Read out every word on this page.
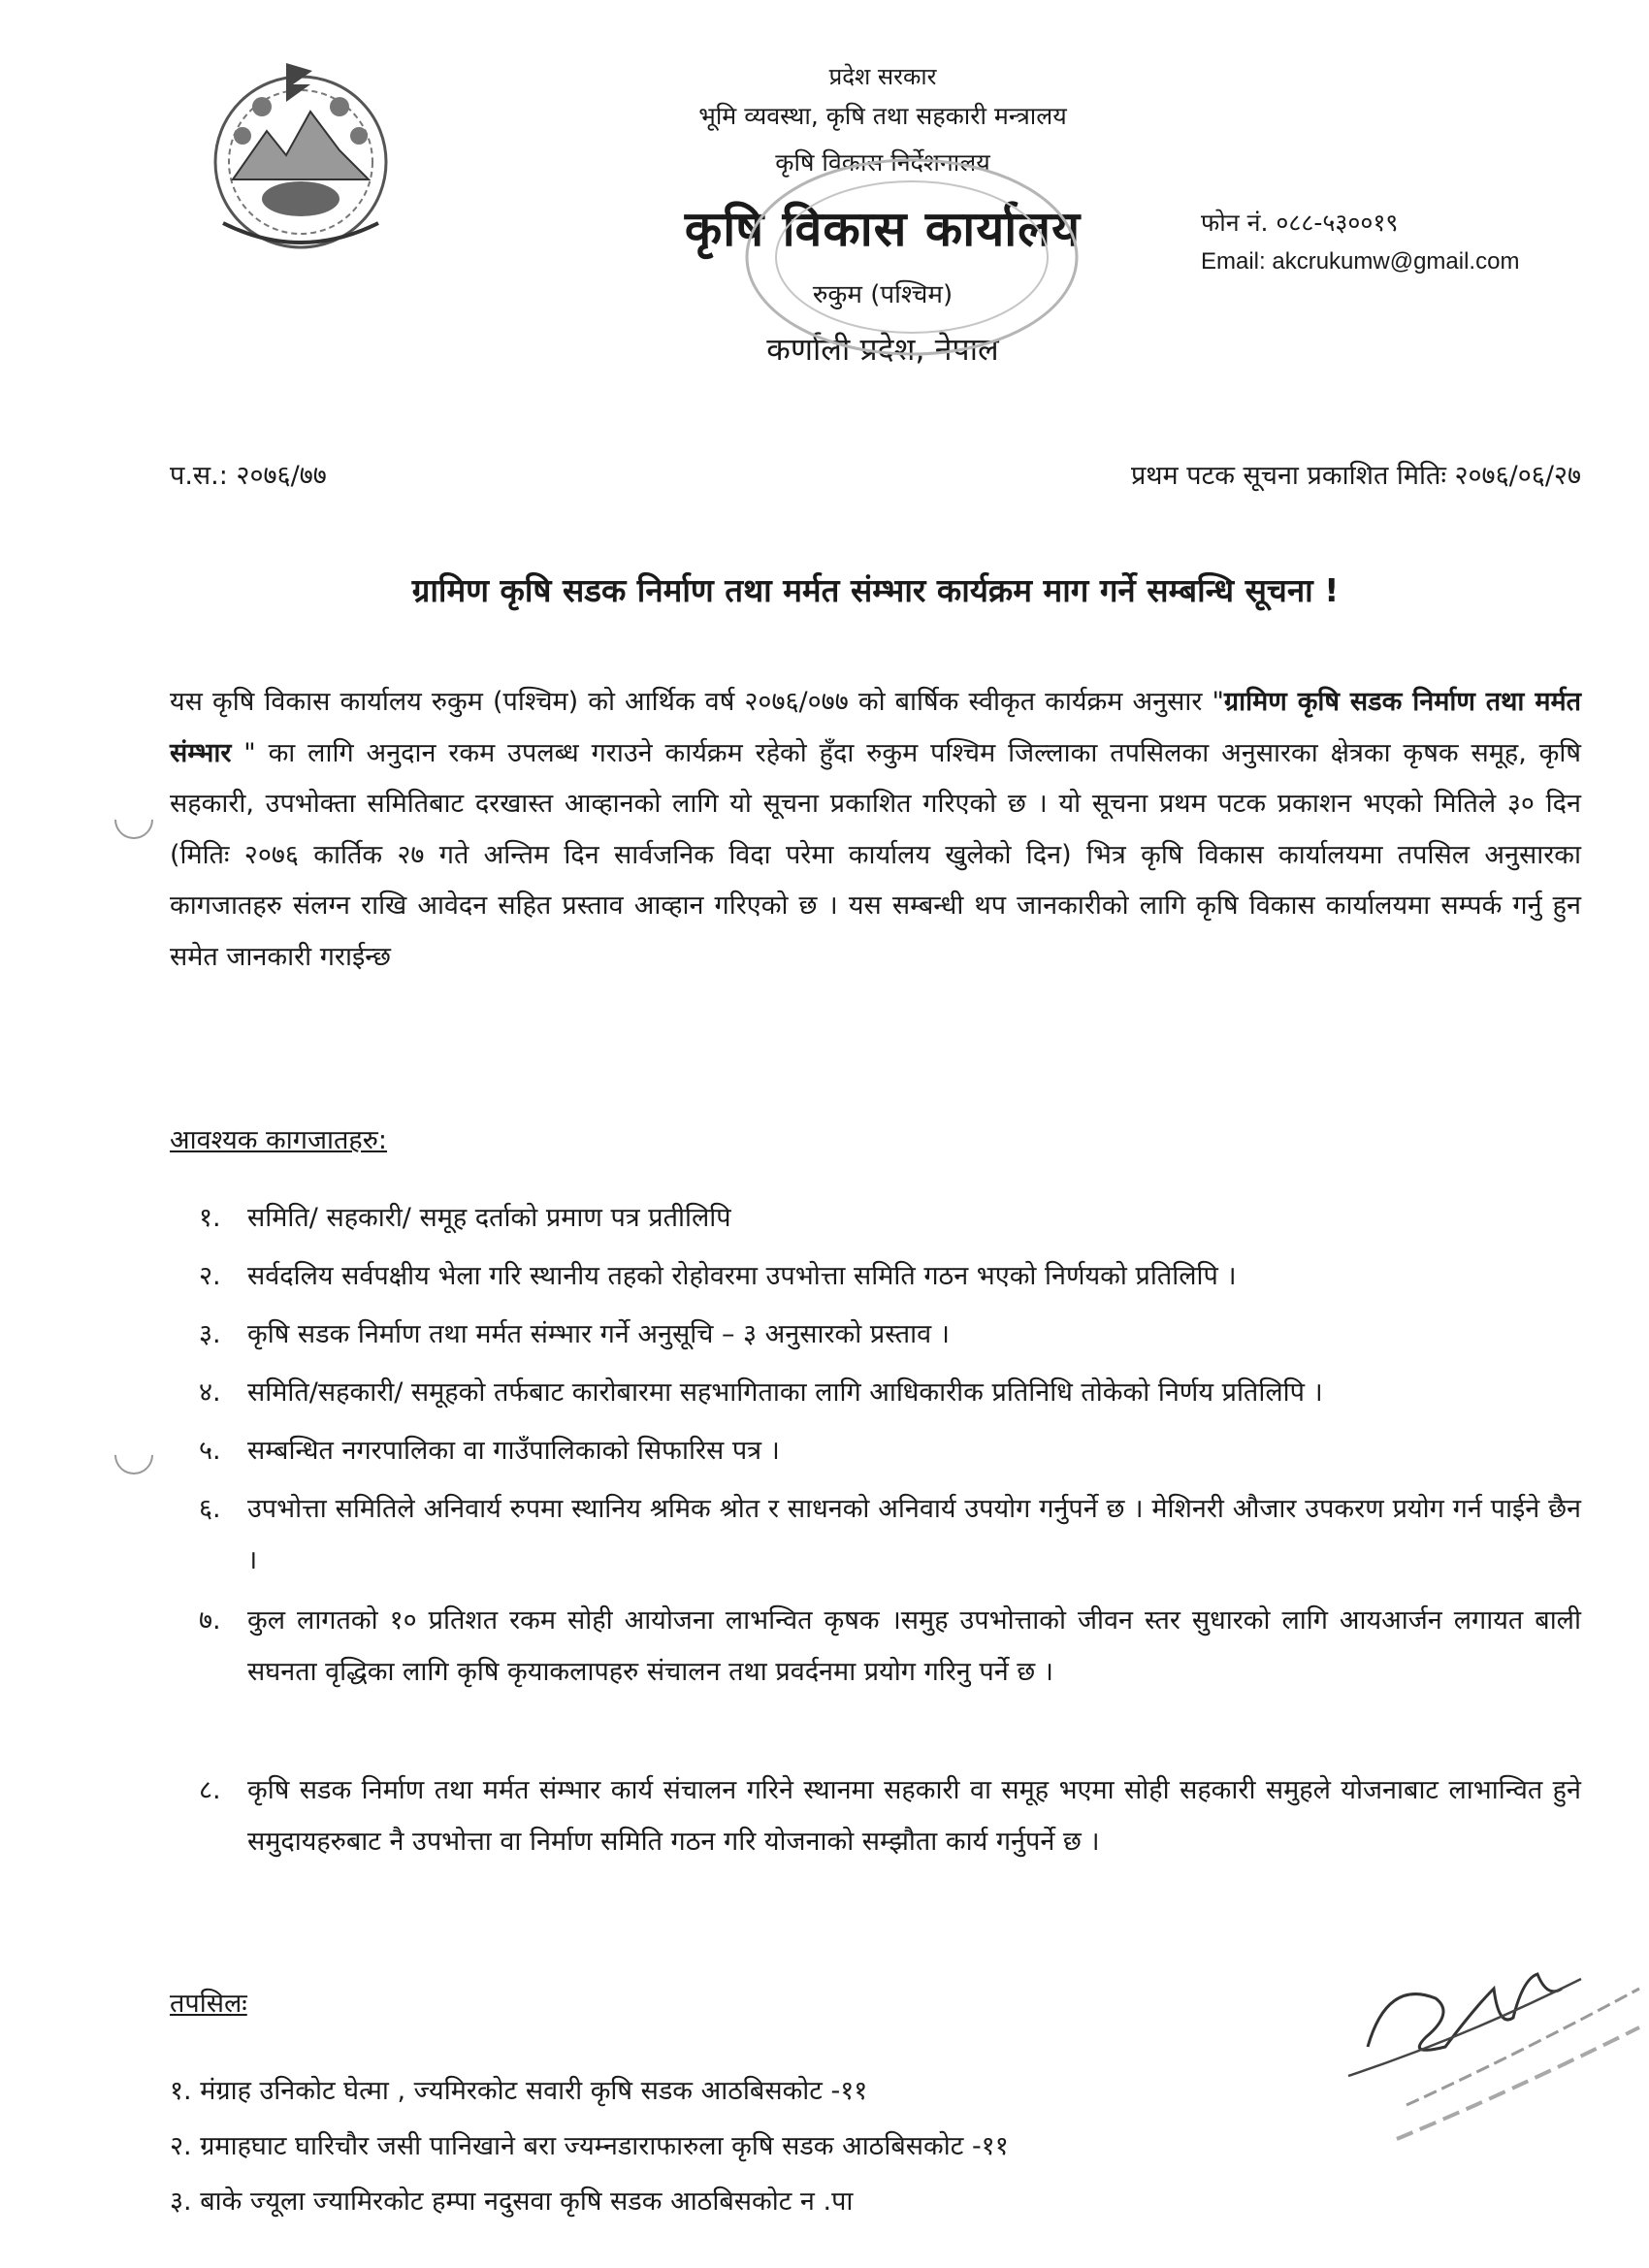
प्रदेश सरकार
भूमि व्यवस्था, कृषि तथा सहकारी मन्त्रालय
कृषि विकास निर्देशनालय
कृषि विकास कार्यालय
रुकुम (पश्चिम)
कर्णाली प्रदेश, नेपाल
फोन नं. ०८८-५३००१९
Email: akcrukumw@gmail.com
प.स.: २०७६/७७	प्रथम पटक सूचना प्रकाशित मितिः २०७६/०६/२७
ग्रामिण कृषि सडक निर्माण तथा मर्मत संम्भार कार्यक्रम माग गर्ने सम्बन्धि सूचना !
यस कृषि विकास कार्यालय रुकुम (पश्चिम) को आर्थिक वर्ष २०७६/०७७ को बार्षिक स्वीकृत कार्यक्रम अनुसार "ग्रामिण कृषि सडक निर्माण तथा मर्मत संम्भार " का लागि अनुदान रकम उपलब्ध गराउने कार्यक्रम रहेको हुँदा रुकुम पश्चिम जिल्लाका तपसिलका अनुसारका क्षेत्रका कृषक समूह, कृषि सहकारी, उपभोक्ता समितिबाट दरखास्त आव्हानको लागि यो सूचना प्रकाशित गरिएको छ । यो सूचना प्रथम पटक प्रकाशन भएको मितिले ३० दिन (मितिः २०७६ कार्तिक २७ गते अन्तिम दिन सार्वजनिक विदा परेमा कार्यालय खुलेको दिन) भित्र कृषि विकास कार्यालयमा तपसिल अनुसारका कागजातहरु संलग्न राखि आवेदन सहित प्रस्ताव आव्हान गरिएको छ । यस सम्बन्धी थप जानकारीको लागि कृषि विकास कार्यालयमा सम्पर्क गर्नु हुन समेत जानकारी गराईन्छ
आवश्यक कागजातहरु:
१.	समिति/ सहकारी/ समूह दर्ताको प्रमाण पत्र प्रतीलिपि
२.	सर्वदलिय सर्वपक्षीय भेला गरि स्थानीय तहको रोहोवरमा उपभोत्ता समिति गठन भएको निर्णयको प्रतिलिपि ।
३.	कृषि सडक निर्माण तथा मर्मत संम्भार गर्ने अनुसूचि – ३ अनुसारको प्रस्ताव ।
४.	समिति/सहकारी/ समूहको तर्फबाट कारोबारमा सहभागिताका लागि आधिकारीक प्रतिनिधि तोकेको निर्णय प्रतिलिपि ।
५.	सम्बन्धित नगरपालिका वा गाउँपालिकाको सिफारिस पत्र ।
६.	उपभोत्ता समितिले अनिवार्य रुपमा स्थानिय श्रमिक श्रोत र साधनको अनिवार्य उपयोग गर्नुपर्ने छ । मेशिनरी औजार उपकरण प्रयोग गर्न पाईने छैन ।
७.	कुल लागतको १० प्रतिशत रकम सोही आयोजना लाभन्वित कृषक ।समुह उपभोत्ताको जीवन स्तर सुधारको लागि आयआर्जन लगायत बाली सघनता वृद्धिका लागि कृषि कृयाकलापहरु संचालन तथा प्रवर्दनमा प्रयोग गरिनु पर्ने छ ।
८.	कृषि सडक निर्माण तथा मर्मत संम्भार कार्य संचालन गरिने स्थानमा सहकारी वा समूह भएमा सोही सहकारी समुहले योजनाबाट लाभान्वित हुने समुदायहरुबाट नै उपभोत्ता वा निर्माण समिति गठन गरि योजनाको सम्झौता कार्य गर्नुपर्ने छ ।
तपसिलः
१. मंग्राह उनिकोट घेत्मा , ज्यमिरकोट सवारी कृषि सडक आठबिसकोट -११
२. ग्रमाहघाट घारिचौर जसी पानिखाने बरा ज्यम्नडाराफारुला कृषि सडक आठबिसकोट -११
३. बाके ज्यूला ज्यामिरकोट हम्पा नदुसवा कृषि सडक आठबिसकोट न .पा
